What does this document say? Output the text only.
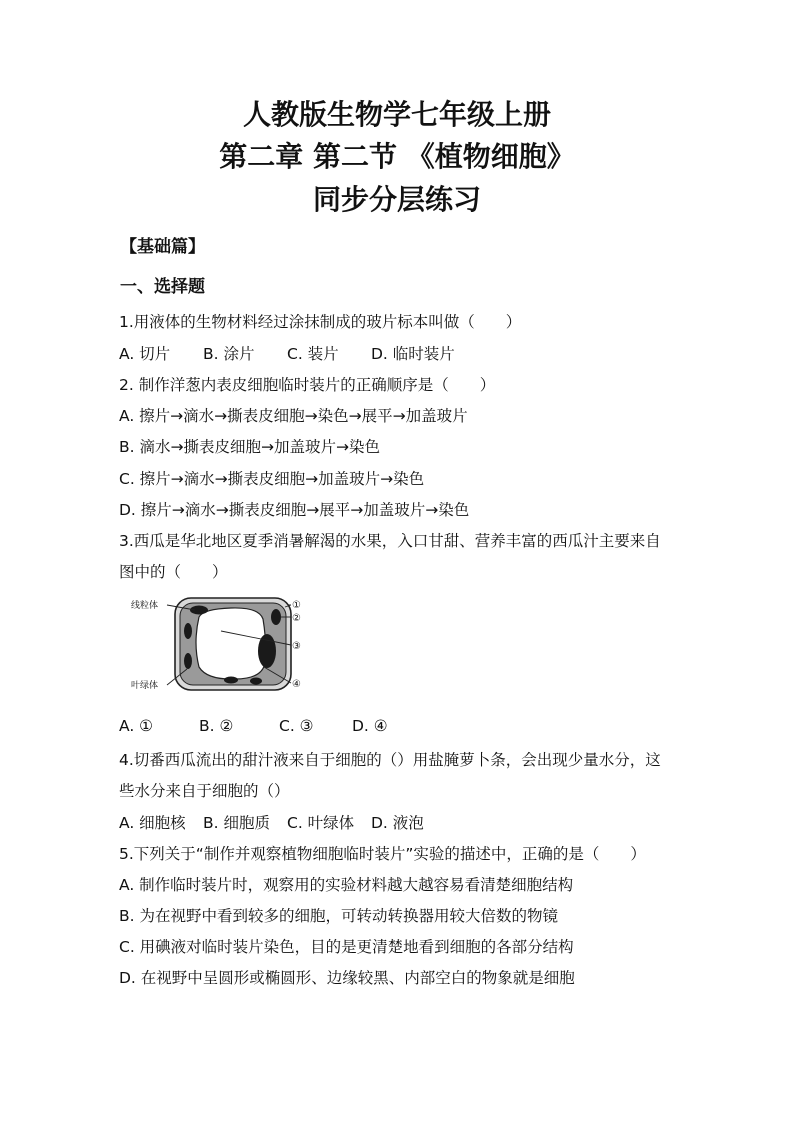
人教版生物学七年级上册
第二章 第二节 《植物细胞》
同步分层练习
【基础篇】
一、选择题
1.用液体的生物材料经过涂抹制成的玻片标本叫做（　　）
A. 切片 B. 涂片 C. 装片 D. 临时装片
2. 制作洋葱内表皮细胞临时装片的正确顺序是（　　）
A. 擦片→滴水→撕表皮细胞→染色→展平→加盖玻片
B. 滴水→撕表皮细胞→加盖玻片→染色
C. 擦片→滴水→撕表皮细胞→加盖玻片→染色
D. 擦片→滴水→撕表皮细胞→展平→加盖玻片→染色
3.西瓜是华北地区夏季消暑解渴的水果，入口甘甜、营养丰富的西瓜汁主要来自
图中的（　　）
线粒体
叶绿体
①
②
③
④
A. ①	B. ②	C. ③ D. ④
4.切番西瓜流出的甜汁液来自于细胞的（）用盐腌萝卜条，会出现少量水分，这
些水分来自于细胞的（）
A. 细胞核 B. 细胞质 C. 叶绿体 D. 液泡
5.下列关于“制作并观察植物细胞临时装片”实验的描述中，正确的是（　　）
A. 制作临时装片时，观察用的实验材料越大越容易看清楚细胞结构
B. 为在视野中看到较多的细胞，可转动转换器用较大倍数的物镜
C. 用碘液对临时装片染色，目的是更清楚地看到细胞的各部分结构
D. 在视野中呈圆形或椭圆形、边缘较黑、内部空白的物象就是细胞
